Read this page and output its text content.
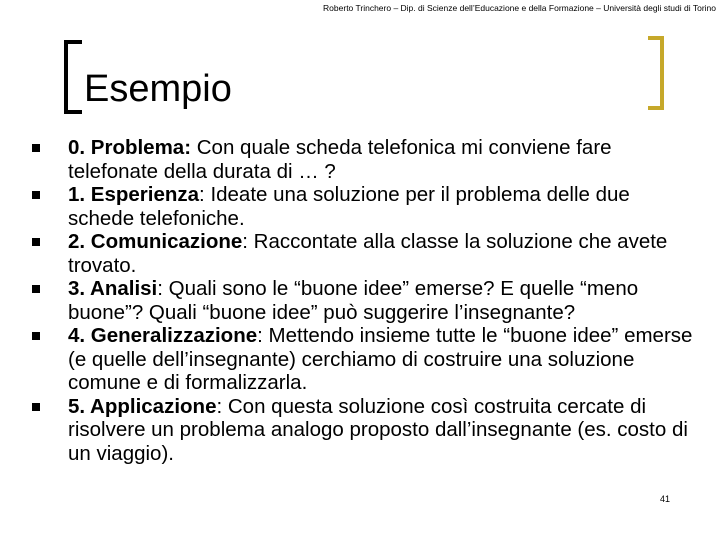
Roberto Trinchero – Dip. di Scienze dell’Educazione e della Formazione – Università degli studi di Torino
Esempio
0. Problema: Con quale scheda telefonica mi conviene fare telefonate della durata di … ?
1. Esperienza: Ideate una soluzione per il problema delle due schede telefoniche.
2. Comunicazione: Raccontate alla classe la soluzione che avete trovato.
3. Analisi: Quali sono le “buone idee” emerse? E quelle “meno buone”? Quali “buone idee” può suggerire l’insegnante?
4. Generalizzazione: Mettendo insieme tutte le “buone idee” emerse (e quelle dell’insegnante) cerchiamo di costruire una soluzione comune e di formalizzarla.
5. Applicazione: Con questa soluzione così costruita cercate di risolvere un problema analogo proposto dall’insegnante (es. costo di un viaggio).
41
